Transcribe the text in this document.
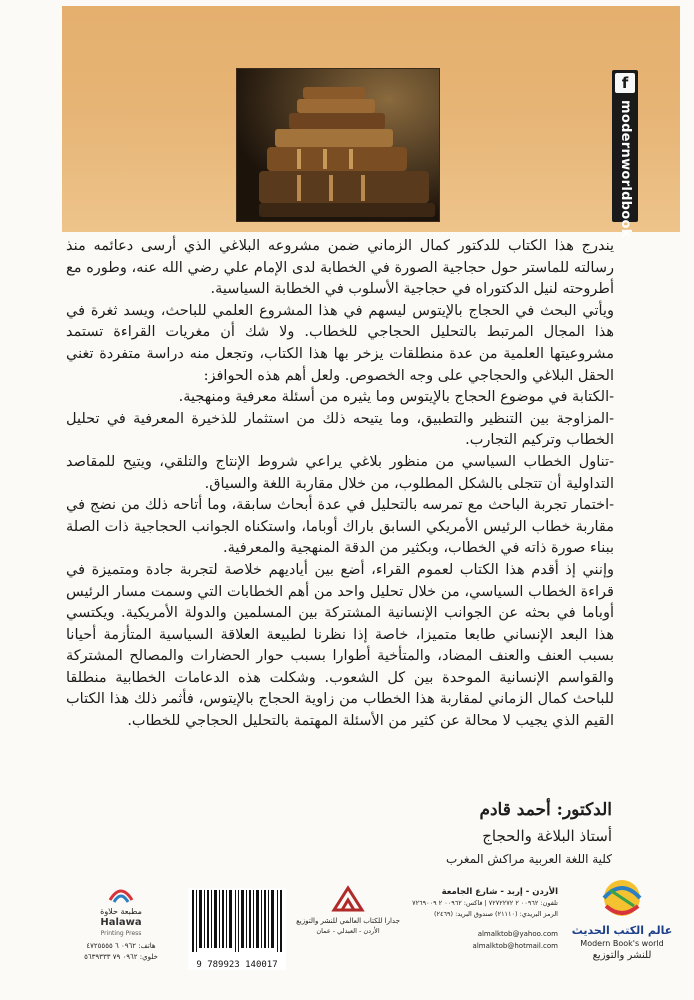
f
modernworldbook

يندرج هذا الكتاب للدكتور كمال الزماني ضمن مشروعه البلاغي الذي أرسى دعائمه منذ رسالته للماستر حول حجاجية الصورة في الخطابة لدى الإمام علي رضي الله عنه، وطوره مع أطروحته لنيل الدكتوراه في حجاجية الأسلوب في الخطابة السياسية.

ويأتي البحث في الحجاج بالإيتوس ليسهم في هذا المشروع العلمي للباحث، ويسد ثغرة في هذا المجال المرتبط بالتحليل الحجاجي للخطاب. ولا شك أن مغريات القراءة تستمد مشروعيتها العلمية من عدة منطلقات يزخر بها هذا الكتاب، وتجعل منه دراسة متفردة تغني الحقل البلاغي والحجاجي على وجه الخصوص. ولعل أهم هذه الحوافز:

-الكتابة في موضوع الحجاج بالإيتوس وما يثيره من أسئلة معرفية ومنهجية.

-المزاوجة بين التنظير والتطبيق، وما يتيحه ذلك من استثمار للذخيرة المعرفية في تحليل الخطاب وتركيم التجارب.

-تناول الخطاب السياسي من منظور بلاغي يراعي شروط الإنتاج والتلقي، ويتيح للمقاصد التداولية أن تتجلى بالشكل المطلوب، من خلال مقاربة اللغة والسياق.

-اختمار تجربة الباحث مع تمرسه بالتحليل في عدة أبحاث سابقة، وما أتاحه ذلك من نضج في مقاربة خطاب الرئيس الأمريكي السابق باراك أوباما، واستكناه الجوانب الحجاجية ذات الصلة ببناء صورة ذاته في الخطاب، وبكثير من الدقة المنهجية والمعرفية.

وإنني إذ أقدم هذا الكتاب لعموم القراء، أضع بين أياديهم خلاصة لتجربة جادة ومتميزة في قراءة الخطاب السياسي، من خلال تحليل واحد من أهم الخطابات التي وسمت مسار الرئيس أوباما في بحثه عن الجوانب الإنسانية المشتركة بين المسلمين والدولة الأمريكية. ويكتسي هذا البعد الإنساني طابعا متميزا، خاصة إذا نظرنا لطبيعة العلاقة السياسية المتأزمة أحيانا بسبب العنف والعنف المضاد، والمتأخية أطوارا بسبب حوار الحضارات والمصالح المشتركة والقواسم الإنسانية الموحدة بين كل الشعوب. وشكلت هذه الدعامات الخطابية منطلقا للباحث كمال الزماني لمقاربة هذا الخطاب من زاوية الحجاج بالإيتوس، فأثمر ذلك هذا الكتاب القيم الذي يجيب لا محالة عن كثير من الأسئلة المهتمة بالتحليل الحجاجي للخطاب.

الدكتور: أحمد قادم
أستاذ البلاغة والحجاج
كلية اللغة العربية مراكش المغرب
عالم الكتب الحديث
Modern Book's world
للنشر والتوزيع
الأردن - إربد - شارع الجامعة
تلفون: ٠٠٩٦٢ ٢ ٧٢٧٢٢٧٢ | فاكس: ٠٠٩٦٢ ٢ ٧٢٦٩٠٠٩
الرمز البريدي: (٢١١١٠) صندوق البريد: (٢٤٦٩)
almalktob@yahoo.com
almalktob@hotmail.com
جدارا للكتاب العالمي للنشر والتوزيع
الأردن - العبدلي - عمان
9 789923 140017
مطبعة حلاوة
Halawa
Printing Press
هاتف: ٠٩٦٢ ٦ ٤٧٢٥٥٥٥
خلوي: ٠٩٦٢ ٧٩ ٥٦٣٩٣٣٣
